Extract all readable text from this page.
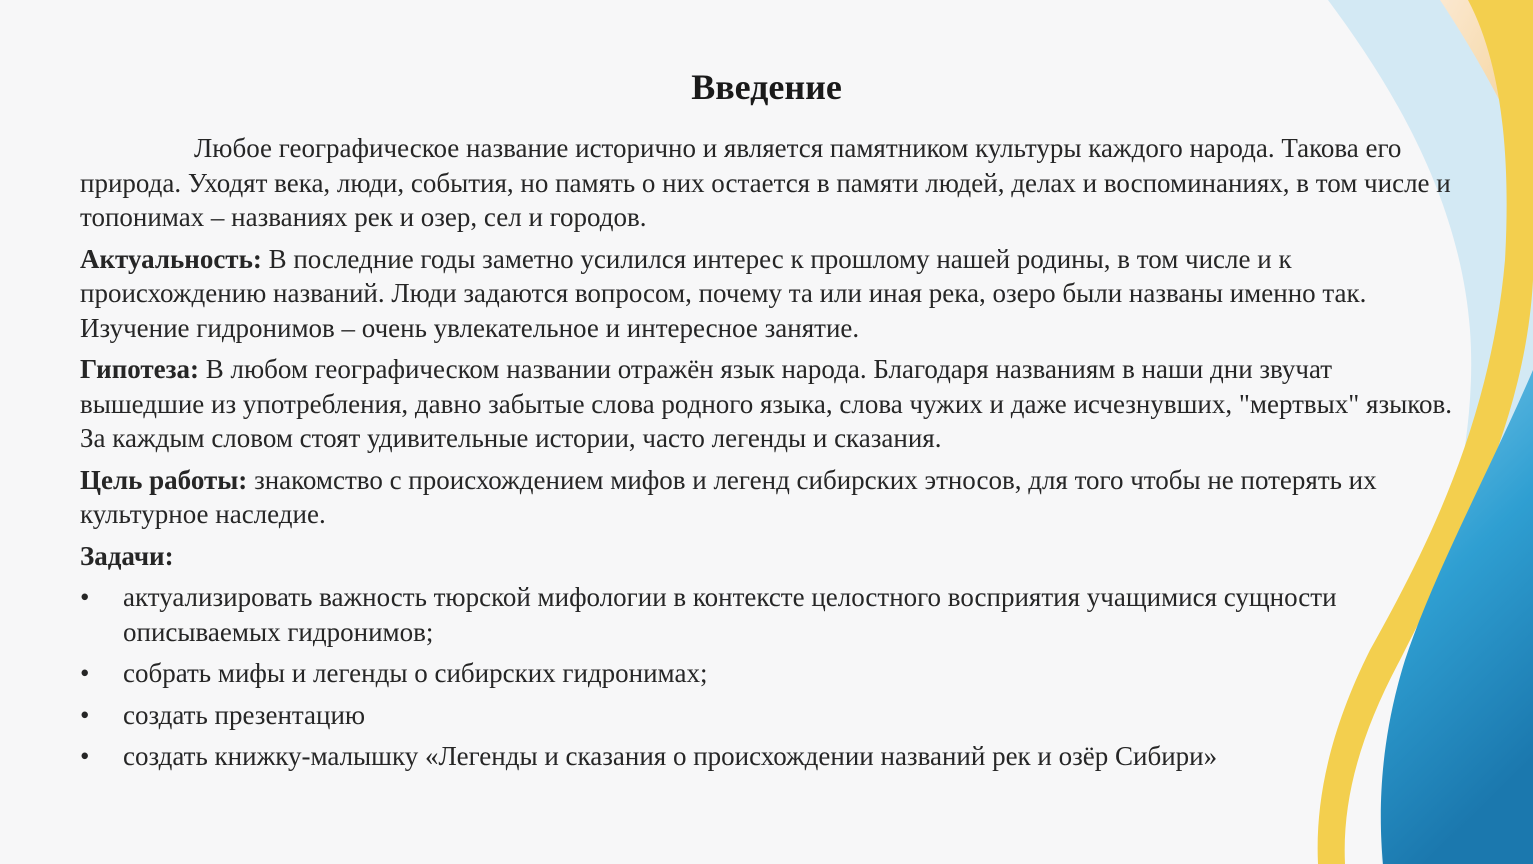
Введение

Любое географическое название исторично и является памятником культуры каждого народа. Такова его природа. Уходят века, люди, события, но память о них остается в памяти людей, делах и воспоминаниях, в том числе и топонимах – названиях рек и озер, сел и городов.

Актуальность: В последние годы заметно усилился интерес к прошлому нашей родины, в том числе и к происхождению названий. Люди задаются вопросом, почему та или иная река, озеро были названы именно так. Изучение гидронимов – очень увлекательное и интересное занятие.

Гипотеза: В любом географическом названии отражён язык народа. Благодаря названиям в наши дни звучат вышедшие из употребления, давно забытые слова родного языка, слова чужих и даже исчезнувших, "мертвых" языков. За каждым словом стоят удивительные истории, часто легенды и сказания.

Цель работы: знакомство с происхождением мифов и легенд сибирских этносов, для того чтобы не потерять их культурное наследие.

Задачи:

• актуализировать важность тюрской мифологии в контексте целостного восприятия учащимися сущности описываемых гидронимов;
• собрать мифы и легенды о сибирских гидронимах;
• создать презентацию
• создать книжку-малышку «Легенды и сказания о происхождении названий рек и озёр Сибири»
